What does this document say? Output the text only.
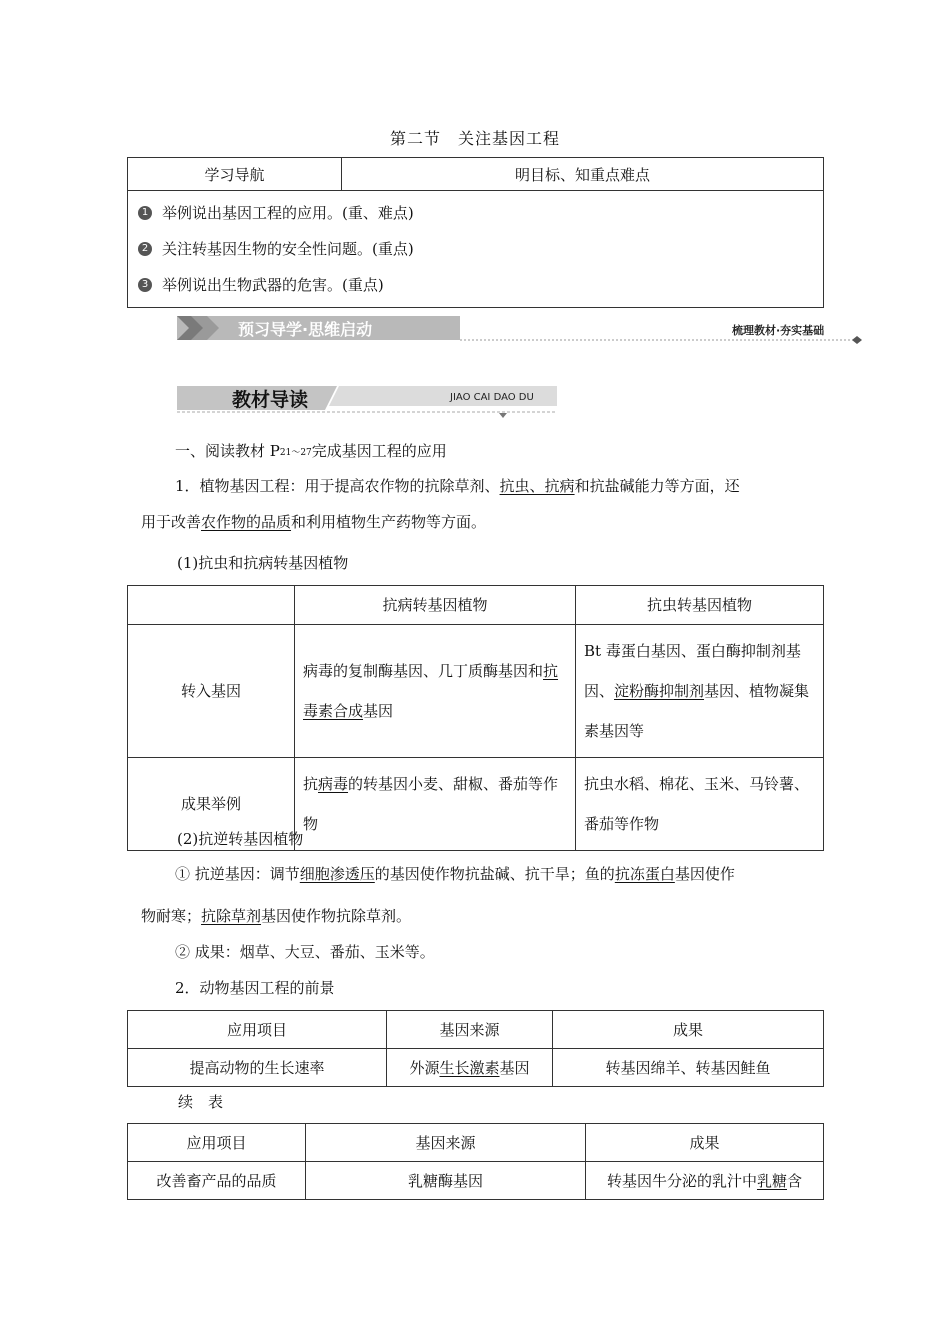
第二节　关注基因工程
学习导航	明目标、知重点难点

1 举例说出基因工程的应用。(重、难点)
2 关注转基因生物的安全性问题。(重点)
3 举例说出生物武器的危害。(重点)
预习导学·思维启动	梳理教材·夯实基础
教材导读	JIAO CAI DAO DU
一、阅读教材 P21～27完成基因工程的应用
1．植物基因工程：用于提高农作物的抗除草剂、抗虫、抗病和抗盐碱能力等方面，还
用于改善农作物的品质和利用植物生产药物等方面。
(1)抗虫和抗病转基因植物
	抗病转基因植物	抗虫转基因植物
转入基因	病毒的复制酶基因、几丁质酶基因和抗毒素合成基因	Bt 毒蛋白基因、蛋白酶抑制剂基因、淀粉酶抑制剂基因、植物凝集素基因等
成果举例	抗病毒的转基因小麦、甜椒、番茄等作物	抗虫水稻、棉花、玉米、马铃薯、番茄等作物
(2)抗逆转基因植物
① 抗逆基因：调节细胞渗透压的基因使作物抗盐碱、抗干旱；鱼的抗冻蛋白基因使作
物耐寒；抗除草剂基因使作物抗除草剂。
② 成果：烟草、大豆、番茄、玉米等。
2．动物基因工程的前景
应用项目	基因来源	成果
提高动物的生长速率	外源生长激素基因	转基因绵羊、转基因鲑鱼
续　表
应用项目	基因来源	成果
改善畜产品的品质	乳糖酶基因	转基因牛分泌的乳汁中乳糖含
